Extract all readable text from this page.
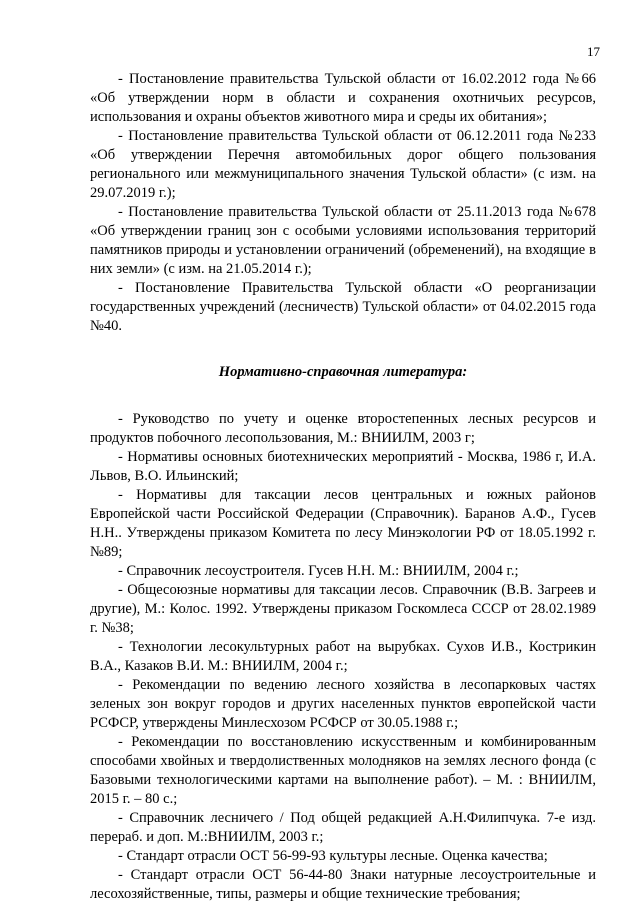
17

- Постановление правительства Тульской области от 16.02.2012 года №66 «Об утверждении норм в области и сохранения охотничьих ресурсов, использования и охраны объектов животного мира и среды их обитания»;

- Постановление правительства Тульской области от 06.12.2011 года №233 «Об утверждении Перечня автомобильных дорог общего пользования регионального или межмуниципального значения Тульской области» (с изм. на 29.07.2019 г.);

- Постановление правительства Тульской области от 25.11.2013 года №678 «Об утверждении границ зон с особыми условиями использования территорий памятников природы и установлении ограничений (обременений), на входящие в них земли» (с изм. на 21.05.2014 г.);

- Постановление Правительства Тульской области «О реорганизации государственных учреждений (лесничеств) Тульской области» от 04.02.2015 года №40.

Нормативно-справочная литература:

- Руководство по учету и оценке второстепенных лесных ресурсов и продуктов побочного лесопользования, М.: ВНИИЛМ, 2003 г;

- Нормативы основных биотехнических мероприятий - Москва, 1986 г, И.А. Львов, В.О. Ильинский;

- Нормативы для таксации лесов центральных и южных районов Европейской части Российской Федерации (Справочник). Баранов А.Ф., Гусев Н.Н.. Утверждены приказом Комитета по лесу Минэкологии РФ от 18.05.1992 г. №89;

- Справочник лесоустроителя. Гусев Н.Н. М.: ВНИИЛМ, 2004 г.;

- Общесоюзные нормативы для таксации лесов. Справочник (В.В. Загреев и другие), М.: Колос. 1992. Утверждены приказом Госкомлеса СССР от 28.02.1989 г. №38;

- Технологии лесокультурных работ на вырубках. Сухов И.В., Кострикин В.А., Казаков В.И. М.: ВНИИЛМ, 2004 г.;

- Рекомендации по ведению лесного хозяйства в лесопарковых частях зеленых зон вокруг городов и других населенных пунктов европейской части РСФСР, утверждены Минлесхозом РСФСР от 30.05.1988 г.;

- Рекомендации по восстановлению искусственным и комбинированным способами хвойных и твердолиственных молодняков на землях лесного фонда (с Базовыми технологическими картами на выполнение работ). – М. : ВНИИЛМ, 2015 г. – 80 с.;

- Справочник лесничего / Под общей редакцией А.Н.Филипчука. 7-е изд. перераб. и доп. М.:ВНИИЛМ, 2003 г.;

- Стандарт отрасли ОСТ 56-99-93 культуры лесные. Оценка качества;

- Стандарт отрасли ОСТ 56-44-80 Знаки натурные лесоустроительные и лесохозяйственные, типы, размеры и общие технические требования;
